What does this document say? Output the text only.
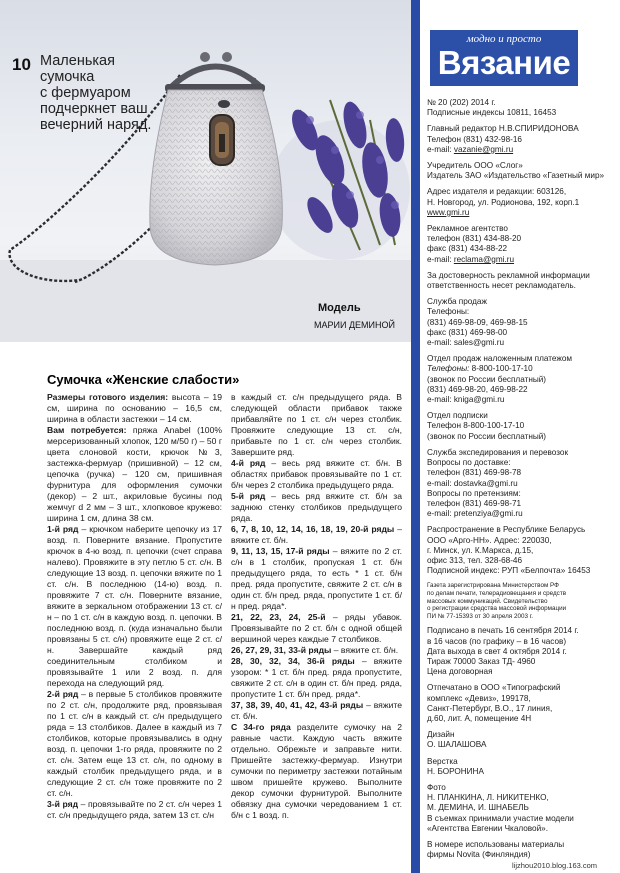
10 Маленькая
сумочка
с фермуаром
подчеркнет ваш
вечерний наряд.
Модель
МАРИИ ДЕМИНОЙ
Сумочка «Женские слабости»

Размеры готового изделия: высота – 19 см, ширина по основанию – 16,5 см, ширина в области застежки – 14 см.

Вам потребуется: пряжа Anabel (100% мерсеризованный хлопок, 120 м/50 г) – 50 г цвета слоновой кости, крючок №3, застежка-фермуар (пришивной) – 12 см, цепочка (ручка) – 120 см, пришивная фурнитура для оформления сумочки (декор) – 2 шт., акриловые бусины под жемчуг d 2 мм – 3 шт., хлопковое кружево: ширина 1 см, длина 38 см.

1-й ряд – крючком наберите цепочку из 17 возд. п. Поверните вязание. Пропустите крючок в 4-ю возд. п. цепочки (счет справа налево). Провяжите в эту петлю 5 ст. с/н. В следующие 13 возд. п. цепочки вяжите по 1 ст. с/н. В последнюю (14-ю) возд. п. провяжите 7 ст. с/н. Поверните вязание, вяжите в зеркальном отображении 13 ст. с/н – по 1 ст. с/н в каждую возд. п. цепочки. В последнюю возд. п. (куда изначально были провязаны 5 ст. с/н) провяжите еще 2 ст. с/н. Завершайте каждый ряд соединительным столбиком и провязывайте 1 или 2 возд. п. для перехода на следующий ряд.

2-й ряд – в первые 5 столбиков провяжите по 2 ст. с/н, продолжите ряд, провязывая по 1 ст. с/н в каждый ст. с/н предыдущего ряда = 13 столбиков. Далее в каждый из 7 столбиков, которые провязывались в одну возд. п. цепочки 1-го ряда, провяжите по 2 ст. с/н. Затем еще 13 ст. с/н, по одному в каждый столбик предыдущего ряда, и в следующие 2 ст. с/н тоже провяжите по 2 ст. с/н.

3-й ряд – провязывайте по 2 ст. с/н через 1 ст. с/н предыдущего ряда, затем 13 ст. с/н

в каждый ст. с/н предыдущего ряда. В следующей области прибавок также прибавляйте по 1 ст. с/н через столбик. Провяжите следующие 13 ст. с/н, прибавьте по 1 ст. с/н через столбик. Завершите ряд.

4-й ряд – весь ряд вяжите ст. б/н. В областях прибавок провязывайте по 1 ст. б/н через 2 столбика предыдущего ряда.

5-й ряд – весь ряд вяжите ст. б/н за заднюю стенку столбиков предыдущего ряда.

6, 7, 8, 10, 12, 14, 16, 18, 19, 20-й ряды – вяжите ст. б/н.

9, 11, 13, 15, 17-й ряды – вяжите по 2 ст. с/н в 1 столбик, пропуская 1 ст. б/н предыдущего ряда, то есть * 1 ст. б/н пред. ряда пропустите, свяжите 2 ст. с/н в один ст. б/н пред. ряда, пропустите 1 ст. б/н пред. ряда*.

21, 22, 23, 24, 25-й – ряды убавок. Провязывайте по 2 ст. б/н с одной общей вершиной через каждые 7 столбиков.

26, 27, 29, 31, 33-й ряды – вяжите ст. б/н.

28, 30, 32, 34, 36-й ряды – вяжите узором: * 1 ст. б/н пред. ряда пропустите, свяжите 2 ст. с/н в один ст. б/н пред. ряда, пропустите 1 ст. б/н пред. ряда*.

37, 38, 39, 40, 41, 42, 43-й ряды – вяжите ст. б/н.

С 34-го ряда разделите сумочку на 2 равные части. Каждую часть вяжите отдельно. Обрежьте и заправьте нити. Пришейте застежку-фермуар. Изнутри сумочки по периметру застежки потайным швом пришейте кружево. Выполните декор сумочки фурнитурой. Выполните обвязку дна сумочки чередованием 1 ст. б/н с 1 возд. п.

модно и просто
Вязание
№ 20 (202) 2014 г.
Подписные индексы 10811, 16453
Главный редактор Н.В.СПИРИДОНОВА
Телефон (831) 432-98-16
e-mail: vazanie@gmi.ru
Учредитель ООО «Слог»
Издатель ЗАО «Издательство «Газетный мир»
Адрес издателя и редакции: 603126,
Н. Новгород, ул. Родионова, 192, корп.1
www.gmi.ru
Рекламное агентство
телефон (831) 434-88-20
факс (831) 434-88-22
e-mail: reclama@gmi.ru
За достоверность рекламной информации
ответственность несет рекламодатель.
Служба продаж
Телефоны:
(831) 469-98-09, 469-98-15
факс (831) 469-98-00
e-mail: sales@gmi.ru
Отдел продаж наложенным платежом
Телефоны: 8-800-100-17-10
(звонок по России бесплатный)
(831) 469-98-20, 469-98-22
e-mail: kniga@gmi.ru
Отдел подписки
Телефон 8-800-100-17-10
(звонок по России бесплатный)
Служба экспедирования и перевозок
Вопросы по доставке:
телефон (831) 469-98-78
e-mail: dostavka@gmi.ru
Вопросы по претензиям:
телефон (831) 469-98-71
e-mail: pretenziya@gmi.ru
Распространение в Республике Беларусь
ООО «Арго-НН». Адрес: 220030,
г. Минск, ул. К.Маркса, д.15,
офис 313, тел. 328-68-46
Подписной индекс: РУП «Белпочта» 16453
Газета зарегистрирована Министерством РФ
по делам печати, телерадиовещания и средств
массовых коммуникаций. Свидетельство
о регистрации средства массовой информации
ПИ № 77-15393 от 30 апреля 2003 г.
Подписано в печать 16 сентября 2014 г.
в 16 часов (по графику – в 16 часов)
Дата выхода в свет 4 октября 2014 г.
Тираж 70000 Заказ ТД- 4960
Цена договорная
Отпечатано в ООО «Типографский
комплекс «Девиз», 199178,
Санкт-Петербург, В.О., 17 линия,
д.60, лит. А, помещение 4Н
Дизайн
О. ШАЛАШОВА
Верстка
Н. БОРОНИНА
Фото
Н. ПЛАНКИНА, Л. НИКИТЕНКО,
М. ДЕМИНА, И. ШНАБЕЛЬ
В съемках принимали участие модели
«Агентства Евгении Чкаловой».
В номере использованы материалы
фирмы Novita (Финляндия)
lijzhou2010.blog.163.com
